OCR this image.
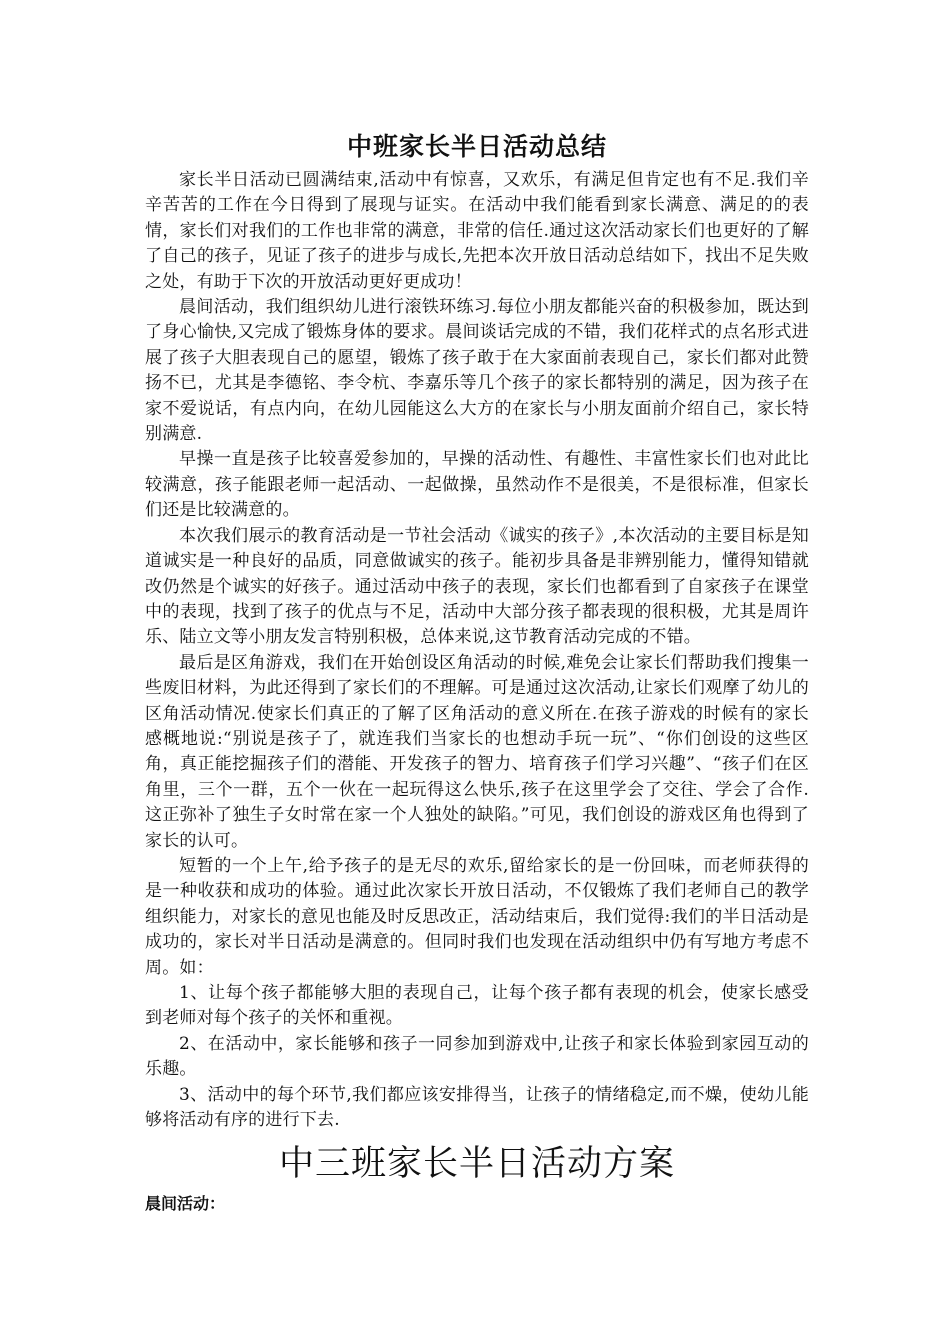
中班家长半日活动总结

家长半日活动已圆满结束,活动中有惊喜，又欢乐，有满足但肯定也有不足.我们辛辛苦苦的工作在今日得到了展现与证实。在活动中我们能看到家长满意、满足的的表情，家长们对我们的工作也非常的满意，非常的信任.通过这次活动家长们也更好的了解了自己的孩子，见证了孩子的进步与成长,先把本次开放日活动总结如下，找出不足失败之处，有助于下次的开放活动更好更成功！

晨间活动，我们组织幼儿进行滚铁环练习.每位小朋友都能兴奋的积极参加，既达到了身心愉快,又完成了锻炼身体的要求。晨间谈话完成的不错，我们花样式的点名形式进展了孩子大胆表现自己的愿望，锻炼了孩子敢于在大家面前表现自己，家长们都对此赞扬不已，尤其是李德铭、李令杭、李嘉乐等几个孩子的家长都特别的满足，因为孩子在家不爱说话，有点内向，在幼儿园能这么大方的在家长与小朋友面前介绍自己，家长特别满意.

早操一直是孩子比较喜爱参加的，早操的活动性、有趣性、丰富性家长们也对此比较满意，孩子能跟老师一起活动、一起做操，虽然动作不是很美，不是很标准，但家长们还是比较满意的。

本次我们展示的教育活动是一节社会活动《诚实的孩子》,本次活动的主要目标是知道诚实是一种良好的品质，同意做诚实的孩子。能初步具备是非辨别能力，懂得知错就改仍然是个诚实的好孩子。通过活动中孩子的表现，家长们也都看到了自家孩子在课堂中的表现，找到了孩子的优点与不足，活动中大部分孩子都表现的很积极，尤其是周许乐、陆立文等小朋友发言特别积极，总体来说,这节教育活动完成的不错。

最后是区角游戏，我们在开始创设区角活动的时候,难免会让家长们帮助我们搜集一些废旧材料，为此还得到了家长们的不理解。可是通过这次活动,让家长们观摩了幼儿的区角活动情况.使家长们真正的了解了区角活动的意义所在.在孩子游戏的时候有的家长感概地说:“别说是孩子了，就连我们当家长的也想动手玩一玩”、“你们创设的这些区角，真正能挖掘孩子们的潜能、开发孩子的智力、培育孩子们学习兴趣”、“孩子们在区角里，三个一群，五个一伙在一起玩得这么快乐,孩子在这里学会了交往、学会了合作.这正弥补了独生子女时常在家一个人独处的缺陷。”可见，我们创设的游戏区角也得到了家长的认可。

短暂的一个上午,给予孩子的是无尽的欢乐,留给家长的是一份回味，而老师获得的是一种收获和成功的体验。通过此次家长开放日活动，不仅锻炼了我们老师自己的教学组织能力，对家长的意见也能及时反思改正，活动结束后，我们觉得:我们的半日活动是成功的，家长对半日活动是满意的。但同时我们也发现在活动组织中仍有写地方考虑不周。如：

1、让每个孩子都能够大胆的表现自己，让每个孩子都有表现的机会，使家长感受到老师对每个孩子的关怀和重视。

2、在活动中，家长能够和孩子一同参加到游戏中,让孩子和家长体验到家园互动的乐趣。

3、活动中的每个环节,我们都应该安排得当，让孩子的情绪稳定,而不燥，使幼儿能够将活动有序的进行下去.

中三班家长半日活动方案
晨间活动：
